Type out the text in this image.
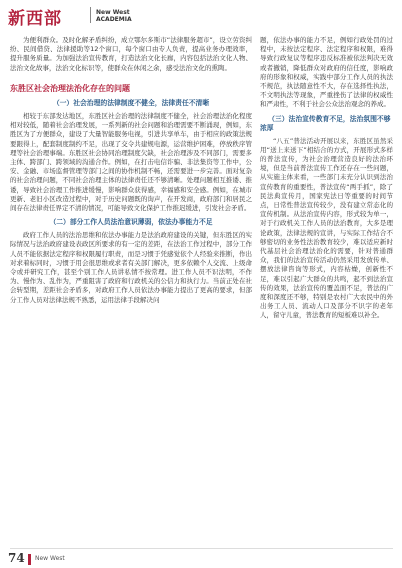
新西部	New West
ACADEMIA

为便利群众。及时化解矛盾纠纷，成立鄂尔多斯市“法律服务超市”，设立劳资纠纷、民间借贷、法律援助等12个窗口，每个窗口由专人负责，提高业务办理效率，提升服务质量。为加强法治宣传教育，打造法治文化长廊，内容包括法治文化人物、法治文化故事，法治文化标识等，使群众在休闲之余，感受法治文化的熏陶。

东胜区社会治理法治化存在的问题
（一）社会治理的法律制度不健全，法律责任不清晰

相较于东部发达地区，东胜区社会治理的法律制度不健全，社会治理法治化程度相对较低，随着社会治理发展，一系列新的社会问题和治理需要不断涌现，例如，东胜区为了方便群众，建设了大量智能服务电视，引进共享单车，由于相应的政策法规要跟得上，配套制度制约不足，出现了交令共建规电源，运营维护困难，停放秩序管理等社会治理事端。东胜区社会协同治理制度欠缺，社会治理涉及不同部门，需要多主体、跨部门、跨领域的沟通合作。例如，在打击电信诈骗、非法集资等工作中，公安、金融、市场监督管理等部门之间的协作机制不畅，还需要进一步完善。面对复杂的社会治理问题，不同社会治理主体的法律责任还不够清晰。处理问题相互推诿、推诿，导致社会治理工作推进缓慢，影响群众获得感，幸福感和安全感。例如，在城市更新、老旧小区改造过程中，对于历史问题既的询声，在开发商，政府部门和居民之间存在法律责任界定不清的情况，可能导致文化保护工作推迟缓进，引发社会矛盾。

（二）部分工作人员法治意识薄弱，依法办事能力不足

政府工作人员的法治思维和依法办事能力是法治政府建设的关键，但东胜区的实际情况与法治政府建设表政区所要求的有一定的差距，在法治工作过程中，部分工作人员不能依据法定程序和权限履行职责，而是习惯于凭感觉依个人经验来推断，作出对求着标同时，习惯于用会很思维或求者有关部门解决，更多依赖个人交流、上级命令或并研究工作，甚至个别工作人员讲私情不按常理。进工作人员不识法明，不作为、慢作为、乱作为，严重阻害了政府和行政机关的公信力和执行力。当前正处在社会转型期，差距社会矛盾多，对政府工作人员依法办事能力提出了更高的要求，但部分工作人员对法律法规不熟悉，运用法律手段解决问

题，依法办事的能力不足，例如行政处罚的过程中，未按法定程序、法定程序和权限，难得导致行政复议等程序违反标准被依法判决无效或者撤销，降低群众对政府的信任度，影响政府的形象和权威，实践中部分工作人员的执法不规范，执法随意性不大，存在选择性执法，不文明执法等现象，严重挫伤了法律的权威性和严肃性，不利于社会公众法治观念的养成。

（三）法治宣传教育不足，法治氛围不够浓厚

“八五”普法活动开展以来，东胜区虽然采用“送上来送下”相结合的方式，开展形式多样的普法宣传，为社会治理营造良好的法治环境，但是当前普法宣传工作还存在一些问题，从实施主体来看，一些部门未充分认识到法治宣传教育的重要性，普法宣传“两手抓”，除了民法典宣传月，国家宪法日等重要的时间节点，日常性普法宣传较少，没有建立常态化的宣传机制。从法治宣传内容，形式较为单一，对于行政机关工作人员的法治教育，大多是理论政策，法律法规的宣讲，与实际工作结合不够密切的业务性法治教育较少，难以适应新时代基层社会治理法治化的需要，针对普通群众，我们的法治宣传活动仍然采用发放传单、摆放法律咨询等形式，内容枯燥，创新性不足，难以引起广大群众的共鸣，起不到法治宣传的效果，法治宣传的覆盖面不足，普法的广度和深度还不够，特别是农村广大农民中的外出务工人员、流动人口及部分不识字的老年人，留守儿童，普法教育的短板难以补全。

74 New West
